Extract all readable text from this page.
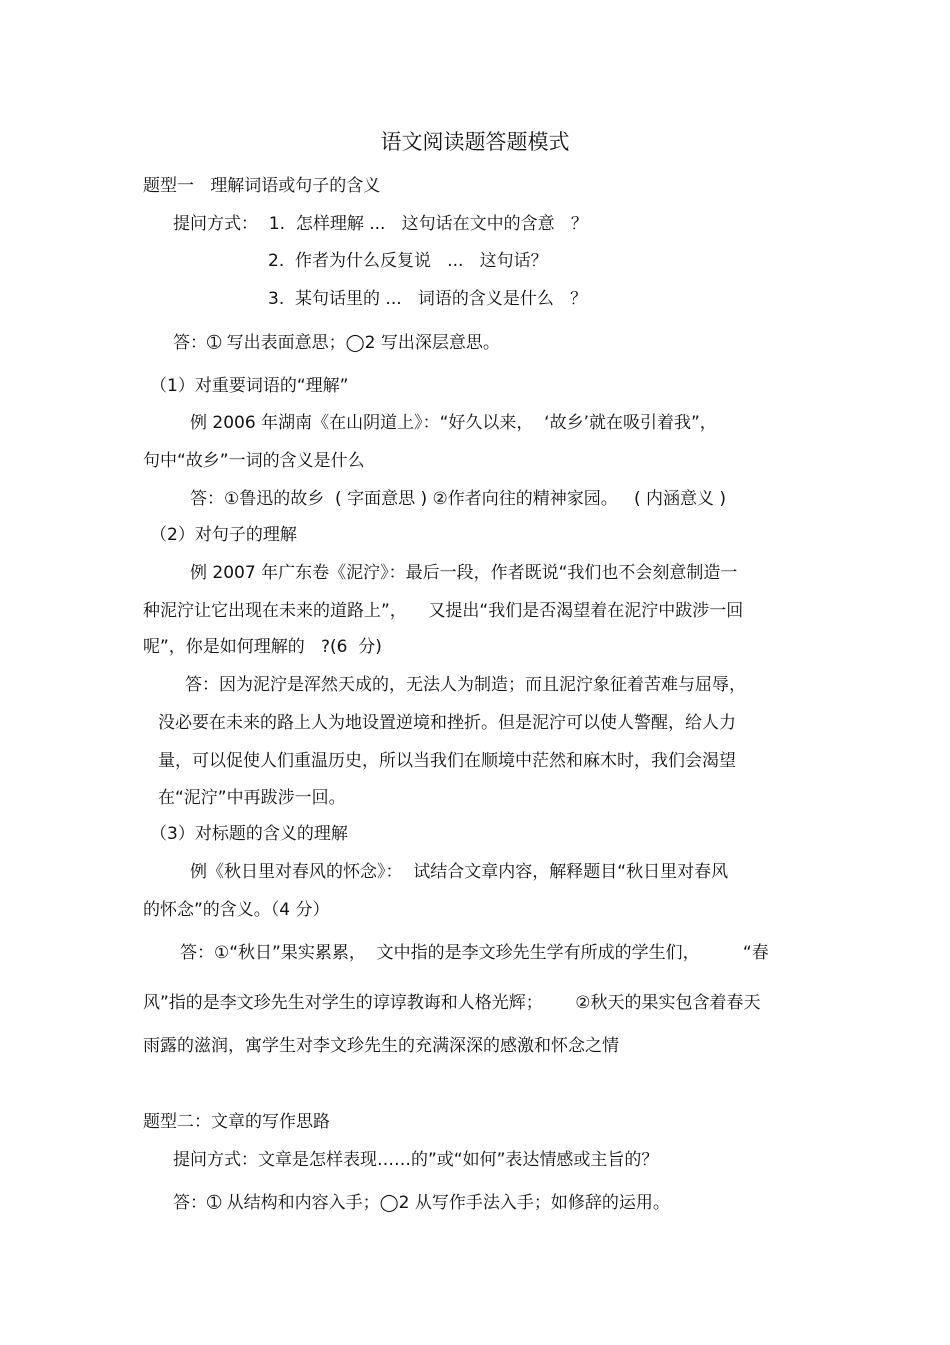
语文阅读题答题模式
题型一   理解词语或句子的含义
提问方式：  1.  怎样理解 ...   这句话在文中的含意   ？
2.  作者为什么反复说   ...   这句话？
3.  某句话里的 ...   词语的含义是什么   ？
答：➀ 写出表面意思；◯2 写出深层意思。
（1）对重要词语的“理解”
例 2006 年湖南《在山阴道上》：“好久以来，  ‘故乡’就在吸引着我”，
句中“故乡”一词的含义是什么
答：①鲁迅的故乡  ( 字面意思 ) ②作者向往的精神家园。   ( 内涵意义 )
（2）对句子的理解
例 2007 年广东卷《泥泞》：最后一段，作者既说“我们也不会刻意制造一
种泥泞让它出现在未来的道路上”，    又提出“我们是否渴望着在泥泞中跋涉一回
呢”，你是如何理解的   ?(6  分)
答：因为泥泞是浑然天成的，无法人为制造；而且泥泞象征着苦难与屈辱，
没必要在未来的路上人为地设置逆境和挫折。但是泥泞可以使人警醒，给人力
量，可以促使人们重温历史，所以当我们在顺境中茫然和麻木时，我们会渴望
在“泥泞”中再跋涉一回。
（3）对标题的含义的理解
例《秋日里对春风的怀念》：  试结合文章内容，解释题目“秋日里对春风
的怀念”的含义。（4 分）
答：①“秋日”果实累累，  文中指的是李文珍先生学有所成的学生们，        “春
风”指的是李文珍先生对学生的谆谆教诲和人格光辉；      ②秋天的果实包含着春天
雨露的滋润，寓学生对李文珍先生的充满深深的感激和怀念之情
题型二：文章的写作思路
提问方式：文章是怎样表现……的”或“如何”表达情感或主旨的？
答：➀ 从结构和内容入手；◯2 从写作手法入手；如修辞的运用。
